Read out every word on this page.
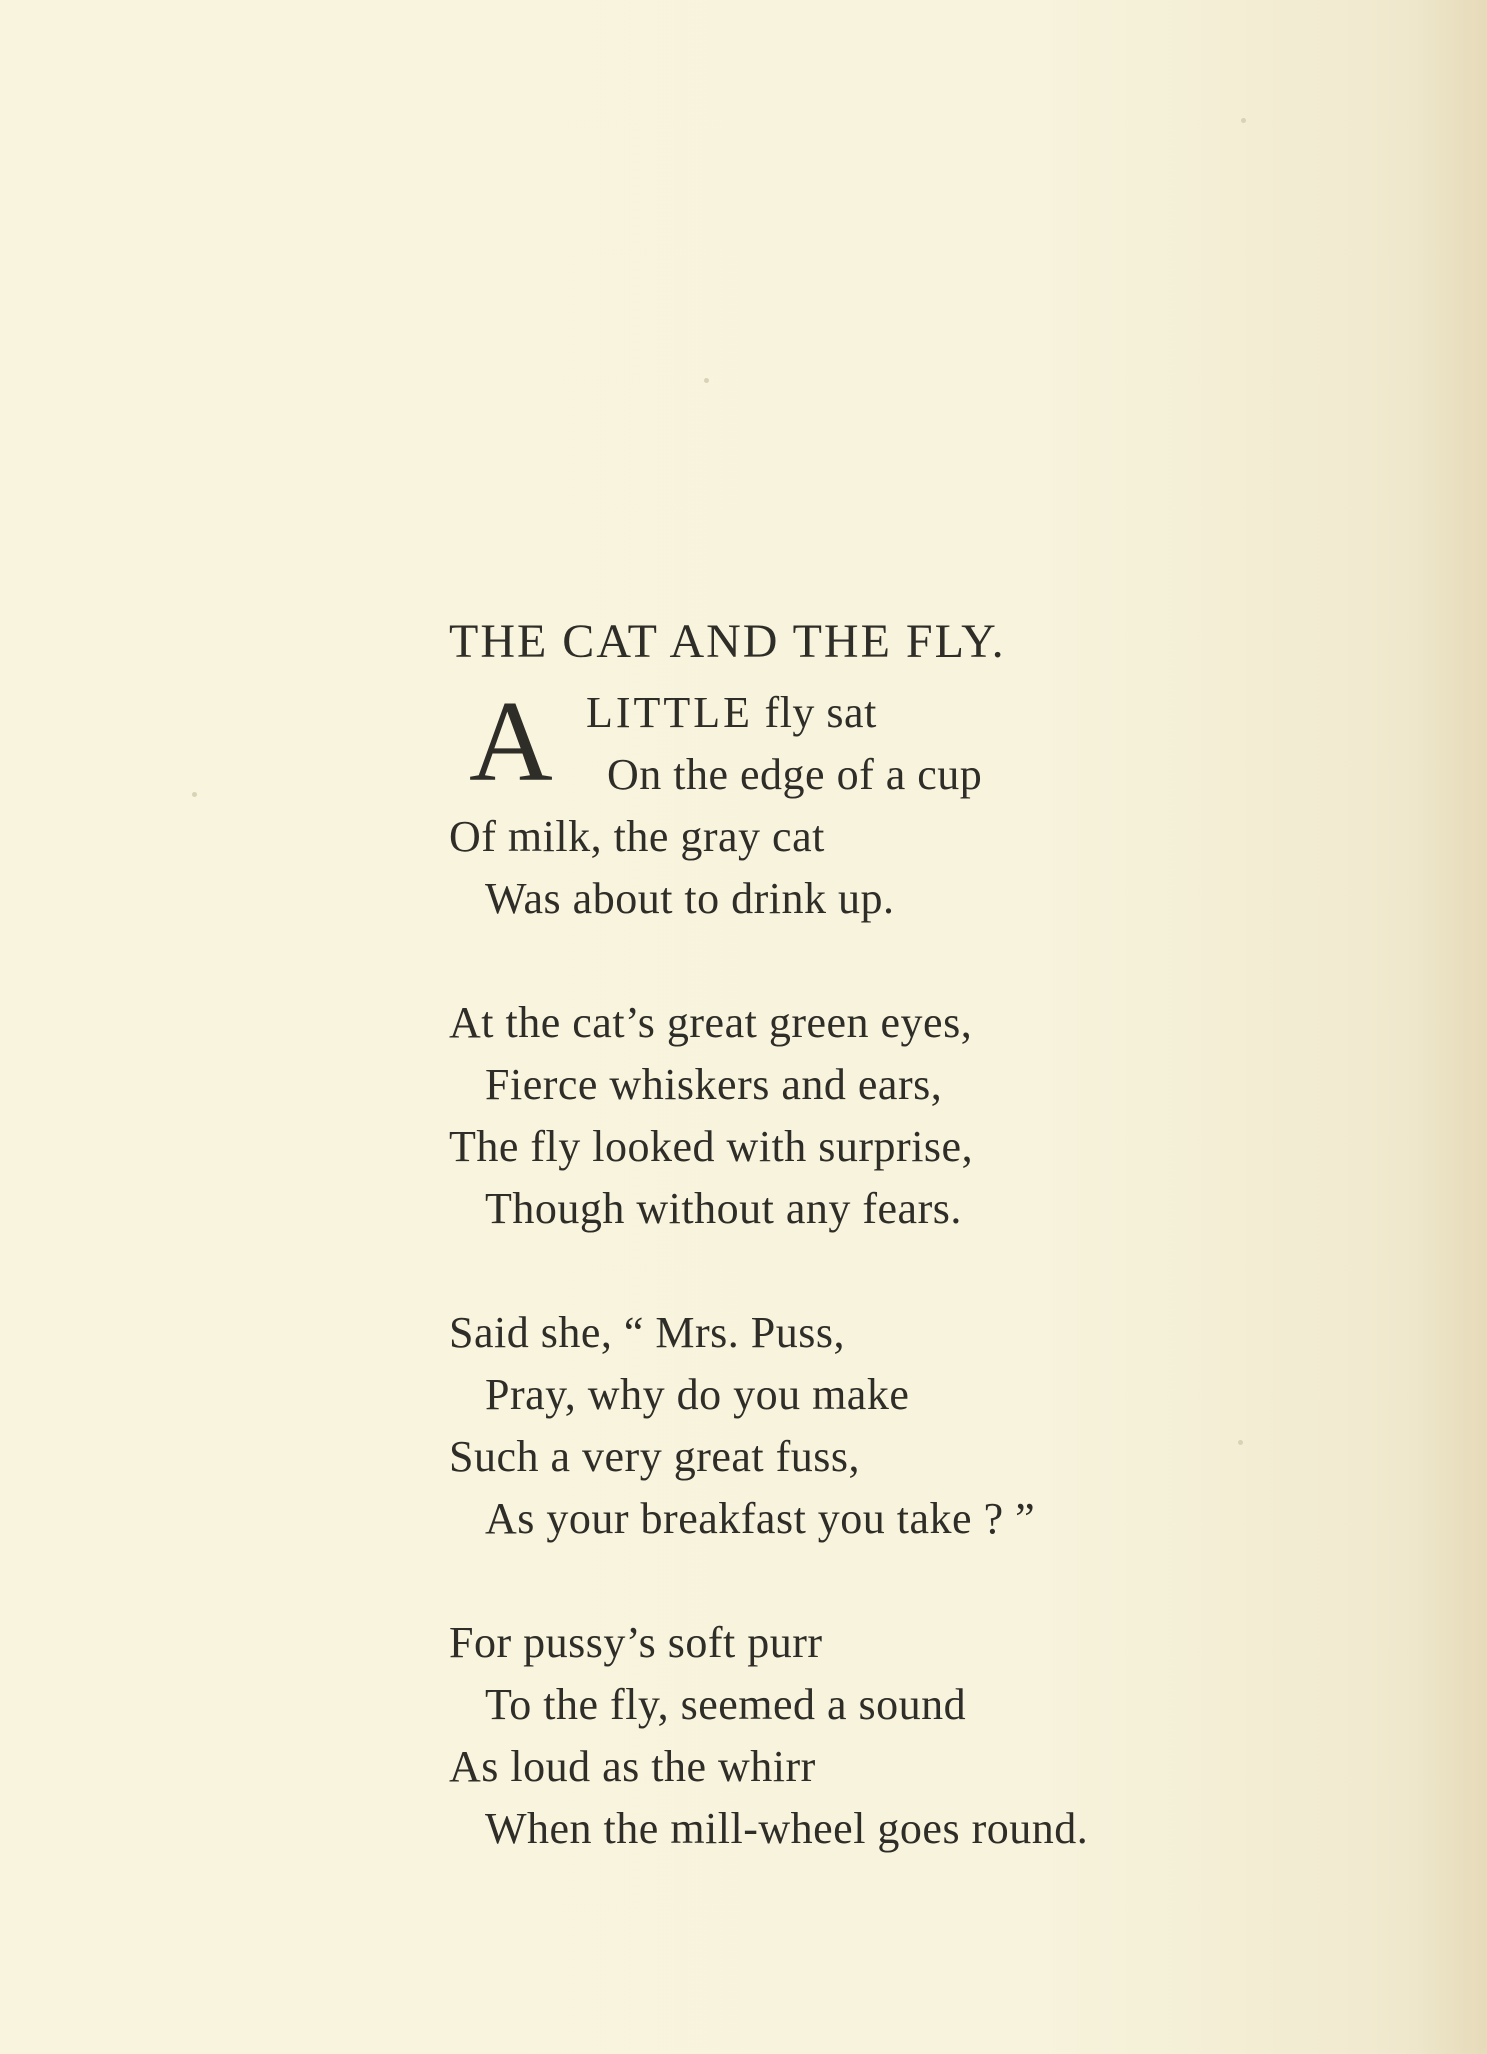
THE CAT AND THE FLY.
A LITTLE fly sat
On the edge of a cup
Of milk, the gray cat
Was about to drink up.
At the cat’s great green eyes,
Fierce whiskers and ears,
The fly looked with surprise,
Though without any fears.
Said she, “ Mrs. Puss,
Pray, why do you make
Such a very great fuss,
As your breakfast you take ? ”
For pussy’s soft purr
To the fly, seemed a sound
As loud as the whirr
When the mill-wheel goes round.
